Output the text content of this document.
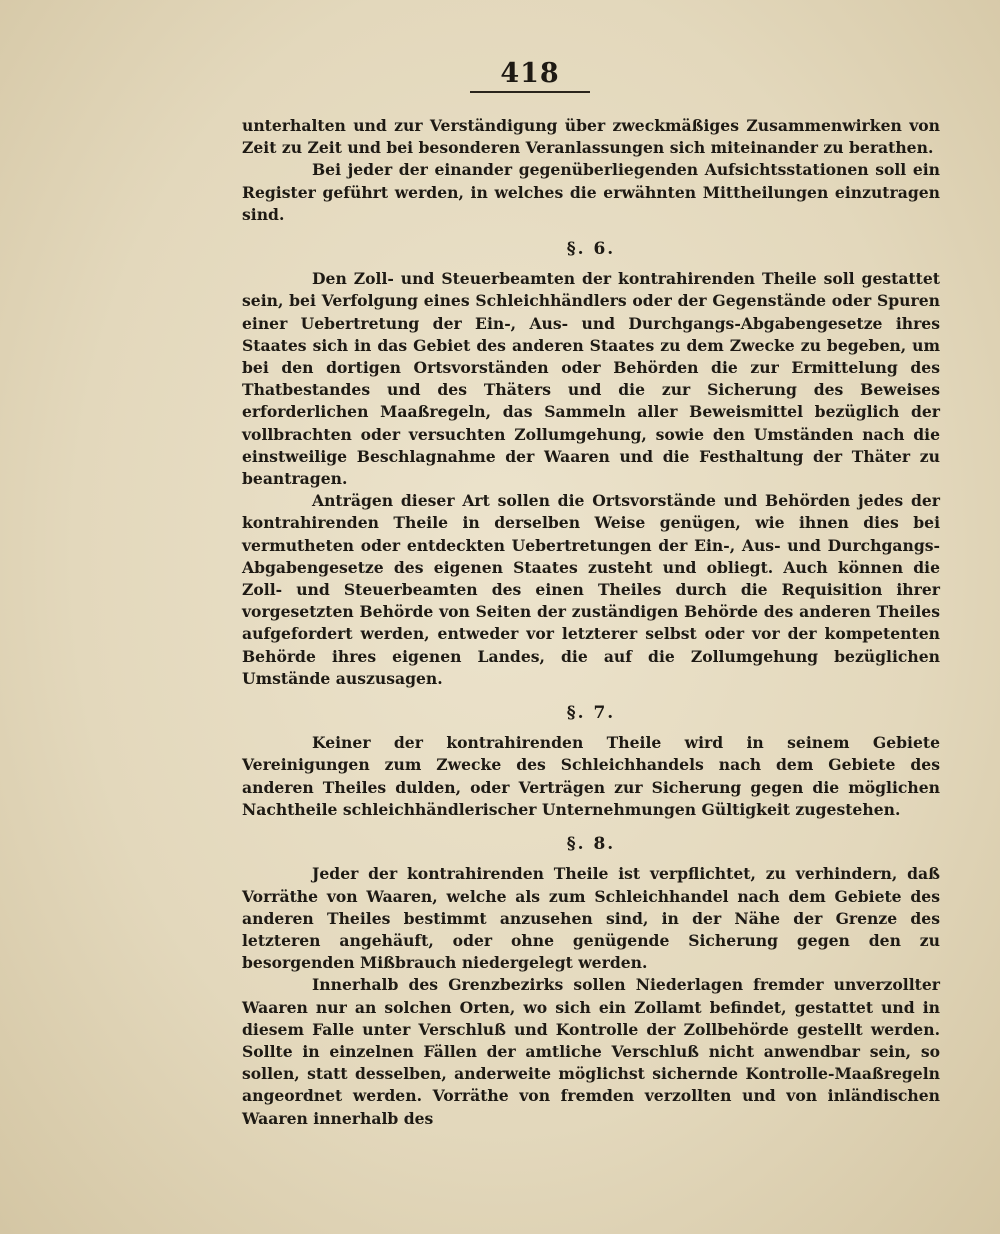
418

unterhalten und zur Verständigung über zweckmäßiges Zusammenwirken von Zeit zu Zeit und bei besonderen Veranlassungen sich miteinander zu berathen.

Bei jeder der einander gegenüberliegenden Aufsichtsstationen soll ein Register geführt werden, in welches die erwähnten Mittheilungen einzutragen sind.

§. 6.

Den Zoll- und Steuerbeamten der kontrahirenden Theile soll gestattet sein, bei Verfolgung eines Schleichhändlers oder der Gegenstände oder Spuren einer Uebertretung der Ein-, Aus- und Durchgangs-Abgabengesetze ihres Staates sich in das Gebiet des anderen Staates zu dem Zwecke zu begeben, um bei den dortigen Ortsvorständen oder Behörden die zur Ermittelung des Thatbestandes und des Thäters und die zur Sicherung des Beweises erforderlichen Maaßregeln, das Sammeln aller Beweismittel bezüglich der vollbrachten oder versuchten Zollumgehung, sowie den Umständen nach die einstweilige Beschlagnahme der Waaren und die Festhaltung der Thäter zu beantragen.

Anträgen dieser Art sollen die Ortsvorstände und Behörden jedes der kontrahirenden Theile in derselben Weise genügen, wie ihnen dies bei vermutheten oder entdeckten Uebertretungen der Ein-, Aus- und Durchgangs-Abgabengesetze des eigenen Staates zusteht und obliegt. Auch können die Zoll- und Steuerbeamten des einen Theiles durch die Requisition ihrer vorgesetzten Behörde von Seiten der zuständigen Behörde des anderen Theiles aufgefordert werden, entweder vor letzterer selbst oder vor der kompetenten Behörde ihres eigenen Landes, die auf die Zollumgehung bezüglichen Umstände auszusagen.

§. 7.

Keiner der kontrahirenden Theile wird in seinem Gebiete Vereinigungen zum Zwecke des Schleichhandels nach dem Gebiete des anderen Theiles dulden, oder Verträgen zur Sicherung gegen die möglichen Nachtheile schleichhändlerischer Unternehmungen Gültigkeit zugestehen.

§. 8.

Jeder der kontrahirenden Theile ist verpflichtet, zu verhindern, daß Vorräthe von Waaren, welche als zum Schleichhandel nach dem Gebiete des anderen Theiles bestimmt anzusehen sind, in der Nähe der Grenze des letzteren angehäuft, oder ohne genügende Sicherung gegen den zu besorgenden Mißbrauch niedergelegt werden.

Innerhalb des Grenzbezirks sollen Niederlagen fremder unverzollter Waaren nur an solchen Orten, wo sich ein Zollamt befindet, gestattet und in diesem Falle unter Verschluß und Kontrolle der Zollbehörde gestellt werden. Sollte in einzelnen Fällen der amtliche Verschluß nicht anwendbar sein, so sollen, statt desselben, anderweite möglichst sichernde Kontrolle-Maaßregeln angeordnet werden. Vorräthe von fremden verzollten und von inländischen Waaren innerhalb des
